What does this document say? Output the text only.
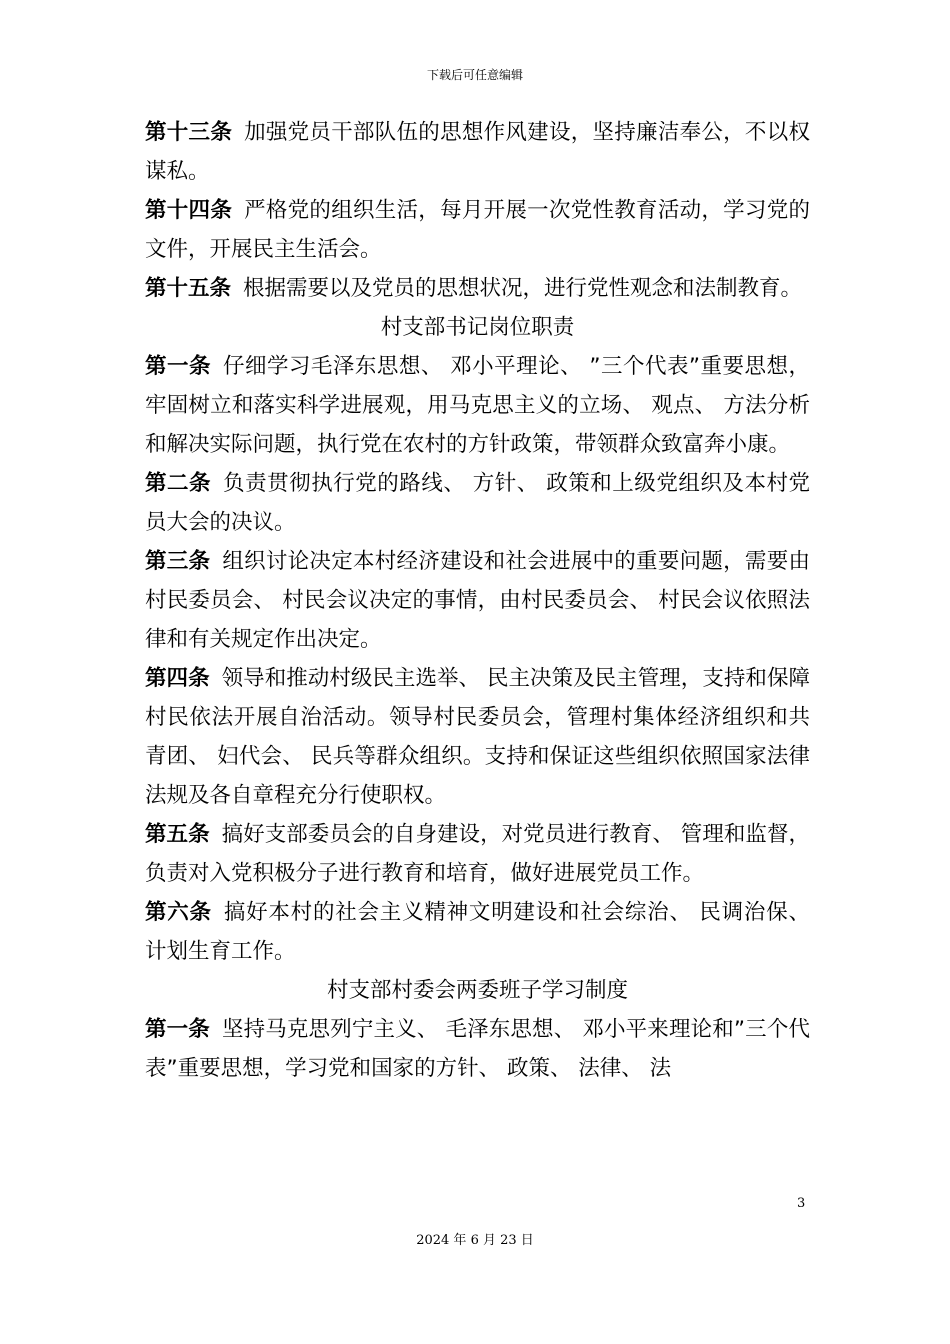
下载后可任意编辑

第十三条 加强党员干部队伍的思想作风建设，坚持廉洁奉公，不以权谋私。

第十四条 严格党的组织生活，每月开展一次党性教育活动，学习党的文件，开展民主生活会。

第十五条 根据需要以及党员的思想状况，进行党性观念和法制教育。

村支部书记岗位职责

第一条 仔细学习毛泽东思想、 邓小平理论、 ”三个代表”重要思想，牢固树立和落实科学进展观，用马克思主义的立场、 观点、 方法分析和解决实际问题，执行党在农村的方针政策，带领群众致富奔小康。

第二条 负责贯彻执行党的路线、 方针、 政策和上级党组织及本村党员大会的决议。

第三条 组织讨论决定本村经济建设和社会进展中的重要问题，需要由村民委员会、 村民会议决定的事情，由村民委员会、 村民会议依照法律和有关规定作出决定。

第四条 领导和推动村级民主选举、 民主决策及民主管理，支持和保障村民依法开展自治活动。领导村民委员会，管理村集体经济组织和共青团、 妇代会、 民兵等群众组织。支持和保证这些组织依照国家法律法规及各自章程充分行使职权。

第五条 搞好支部委员会的自身建设，对党员进行教育、 管理和监督，负责对入党积极分子进行教育和培育，做好进展党员工作。

第六条 搞好本村的社会主义精神文明建设和社会综治、 民调治保、 计划生育工作。

村支部村委会两委班子学习制度

第一条 坚持马克思列宁主义、 毛泽东思想、 邓小平来理论和”三个代表”重要思想，学习党和国家的方针、 政策、 法律、 法

3
2024 年 6 月 23 日
